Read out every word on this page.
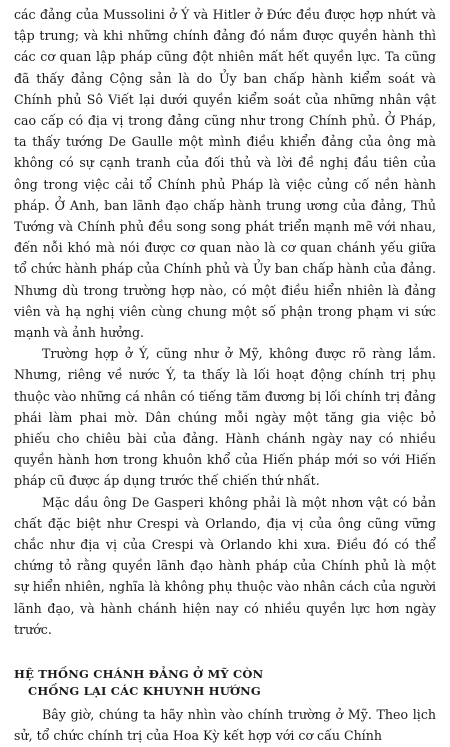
các đảng của Mussolini ở Ý và Hitler ở Đức đều được hợp nhứt và tập trung; và khi những chính đảng đó nắm được quyền hành thì các cơ quan lập pháp cũng đột nhiên mất hết quyền lực. Ta cũng đã thấy đảng Cộng sản là do Ủy ban chấp hành kiểm soát và Chính phủ Sô Viết lại dưới quyền kiểm soát của những nhân vật cao cấp có địa vị trong đảng cũng như trong Chính phủ. Ở Pháp, ta thấy tướng De Gaulle một mình điều khiển đảng của ông mà không có sự cạnh tranh của đối thủ và lời đề nghị đầu tiên của ông trong việc cải tổ Chính phủ Pháp là việc củng cố nền hành pháp. Ở Anh, ban lãnh đạo chấp hành trung ương của đảng, Thủ Tướng và Chính phủ đều song song phát triển mạnh mẽ với nhau, đến nỗi khó mà nói được cơ quan nào là cơ quan chánh yếu giữa tổ chức hành pháp của Chính phủ và Ủy ban chấp hành của đảng. Nhưng dù trong trường hợp nào, có một điều hiển nhiên là đảng viên và hạ nghị viên cùng chung một số phận trong phạm vi sức mạnh và ảnh hưởng.

Trường hợp ở Ý, cũng như ở Mỹ, không được rõ ràng lắm. Nhưng, riêng về nước Ý, ta thấy là lối hoạt động chính trị phụ thuộc vào những cá nhân có tiếng tăm đương bị lối chính trị đảng phái làm phai mờ. Dân chúng mỗi ngày một tăng gia việc bỏ phiếu cho chiêu bài của đảng. Hành chánh ngày nay có nhiều quyền hành hơn trong khuôn khổ của Hiến pháp mới so với Hiến pháp cũ được áp dụng trước thế chiến thứ nhất.

Mặc dầu ông De Gasperi không phải là một nhơn vật có bản chất đặc biệt như Crespi và Orlando, địa vị của ông cũng vững chắc như địa vị của Crespi và Orlando khi xưa. Điều đó có thể chứng tỏ rằng quyền lãnh đạo hành pháp của Chính phủ là một sự hiển nhiên, nghĩa là không phụ thuộc vào nhân cách của người lãnh đạo, và hành chánh hiện nay có nhiều quyền lực hơn ngày trước.

HỆ THỐNG CHÁNH ĐẢNG Ở MỸ CÒN
CHỐNG LẠI CÁC KHUYNH HƯỚNG

Bây giờ, chúng ta hãy nhìn vào chính trường ở Mỹ. Theo lịch sử, tổ chức chính trị của Hoa Kỳ kết hợp với cơ cấu Chính
